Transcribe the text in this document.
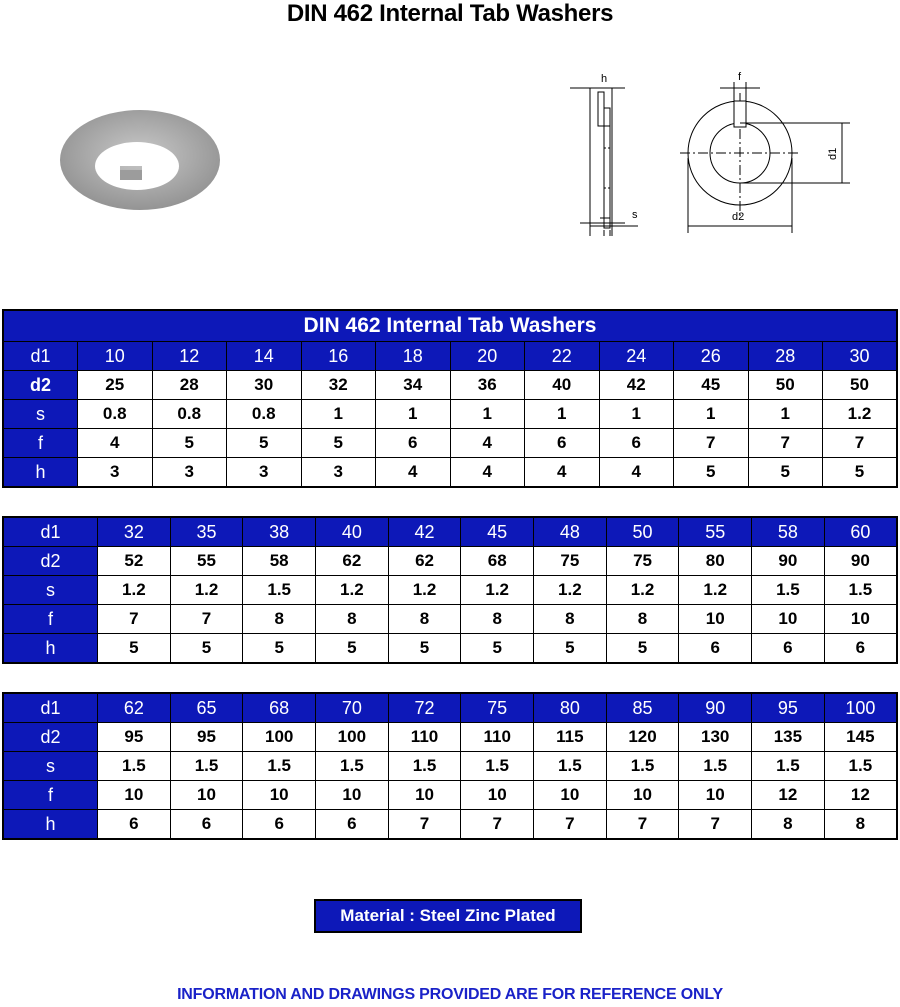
DIN 462 Internal Tab Washers
h
s
f
d2
d1
DIN 462 Internal Tab Washers											
d1	10	12	14	16	18	20	22	24	26	28	30
d2	25	28	30	32	34	36	40	42	45	50	50
s	0.8	0.8	0.8	1	1	1	1	1	1	1	1.2
f	4	5	5	5	6	4	6	6	7	7	7
h	3	3	3	3	4	4	4	4	5	5	5
d1	32	35	38	40	42	45	48	50	55	58	60
d2	52	55	58	62	62	68	75	75	80	90	90
s	1.2	1.2	1.5	1.2	1.2	1.2	1.2	1.2	1.2	1.5	1.5
f	7	7	8	8	8	8	8	8	10	10	10
h	5	5	5	5	5	5	5	5	6	6	6
d1	62	65	68	70	72	75	80	85	90	95	100
d2	95	95	100	100	110	110	115	120	130	135	145
s	1.5	1.5	1.5	1.5	1.5	1.5	1.5	1.5	1.5	1.5	1.5
f	10	10	10	10	10	10	10	10	10	12	12
h	6	6	6	6	7	7	7	7	7	8	8
Material : Steel Zinc Plated
INFORMATION AND DRAWINGS PROVIDED ARE FOR REFERENCE ONLY
